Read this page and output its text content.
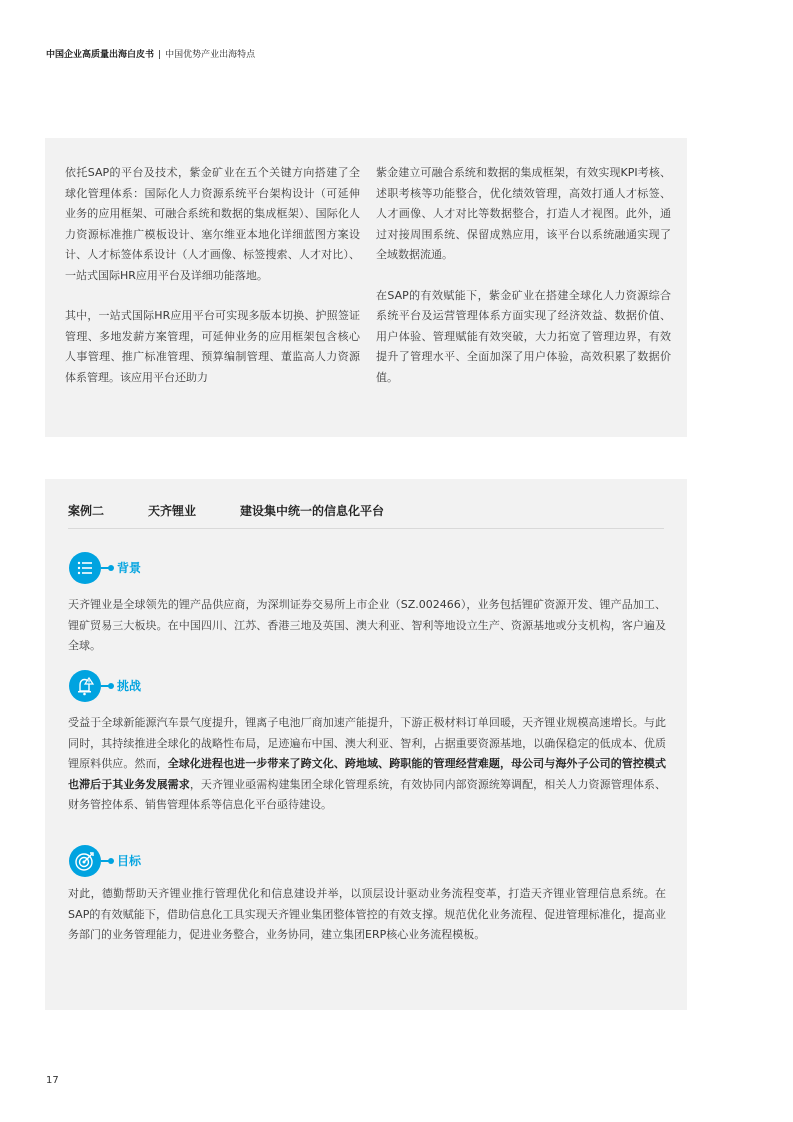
中国企业高质量出海白皮书 | 中国优势产业出海特点

依托SAP的平台及技术，紫金矿业在五个关键方向搭建了全球化管理体系：国际化人力资源系统平台架构设计（可延伸业务的应用框架、可融合系统和数据的集成框架）、国际化人力资源标准推广模板设计、塞尔维亚本地化详细蓝图方案设计、人才标签体系设计（人才画像、标签搜索、人才对比）、一站式国际HR应用平台及详细功能落地。

其中，一站式国际HR应用平台可实现多版本切换、护照签证管理、多地发薪方案管理，可延伸业务的应用框架包含核心人事管理、推广标准管理、预算编制管理、董监高人力资源体系管理。该应用平台还助力

紫金建立可融合系统和数据的集成框架，有效实现KPI考核、述职考核等功能整合，优化绩效管理，高效打通人才标签、人才画像、人才对比等数据整合，打造人才视图。此外，通过对接周围系统、保留成熟应用，该平台以系统融通实现了全域数据流通。

在SAP的有效赋能下，紫金矿业在搭建全球化人力资源综合系统平台及运营管理体系方面实现了经济效益、数据价值、用户体验、管理赋能有效突破，大力拓宽了管理边界，有效提升了管理水平、全面加深了用户体验，高效积累了数据价值。

案例二	天齐锂业	建设集中统一的信息化平台
背景

天齐锂业是全球领先的锂产品供应商，为深圳证券交易所上市企业（SZ.002466），业务包括锂矿资源开发、锂产品加工、锂矿贸易三大板块。在中国四川、江苏、香港三地及英国、澳大利亚、智利等地设立生产、资源基地或分支机构，客户遍及全球。

挑战

受益于全球新能源汽车景气度提升，锂离子电池厂商加速产能提升，下游正极材料订单回暖，天齐锂业规模高速增长。与此同时，其持续推进全球化的战略性布局，足迹遍布中国、澳大利亚、智利，占据重要资源基地，以确保稳定的低成本、优质锂原料供应。然而，全球化进程也进一步带来了跨文化、跨地域、跨职能的管理经营难题，母公司与海外子公司的管控模式也滞后于其业务发展需求，天齐锂业亟需构建集团全球化管理系统，有效协同内部资源统筹调配，相关人力资源管理体系、财务管控体系、销售管理体系等信息化平台亟待建设。

目标

对此，德勤帮助天齐锂业推行管理优化和信息建设并举，以顶层设计驱动业务流程变革，打造天齐锂业管理信息系统。在SAP的有效赋能下，借助信息化工具实现天齐锂业集团整体管控的有效支撑。规范优化业务流程、促进管理标准化，提高业务部门的业务管理能力，促进业务整合，业务协同，建立集团ERP核心业务流程模板。

17
